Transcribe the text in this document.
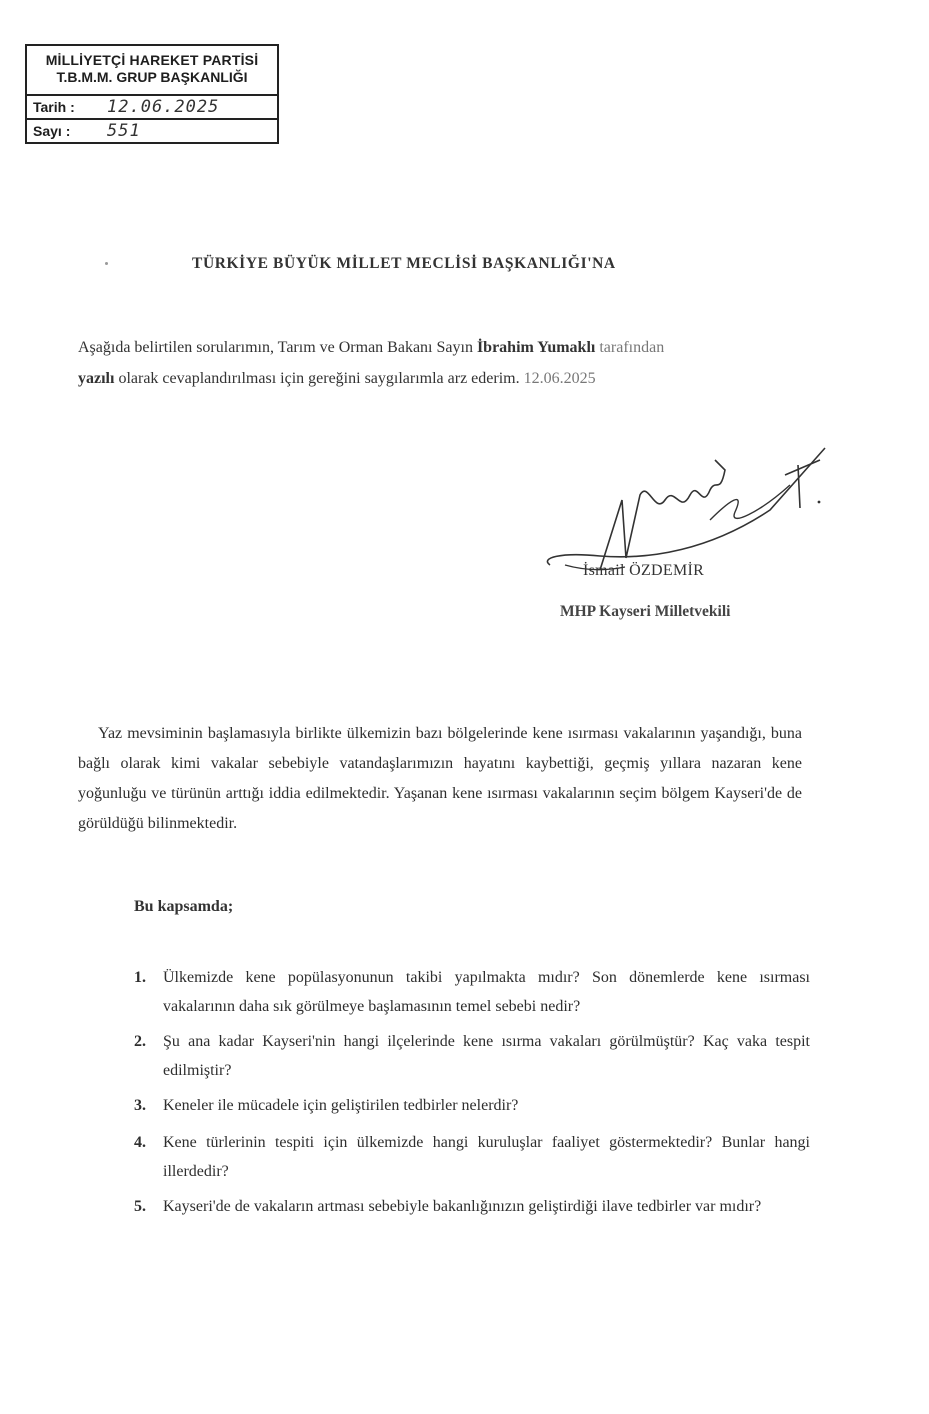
MİLLİYETÇİ HAREKET PARTİSİ
T.B.M.M. GRUP BAŞKANLIĞI
Tarih : 12.06.2025
Sayı : 551
TÜRKİYE BÜYÜK MİLLET MECLİSİ BAŞKANLIĞI'NA
Aşağıda belirtilen sorularımın, Tarım ve Orman Bakanı Sayın İbrahim Yumaklı tarafından
yazılı olarak cevaplandırılması için gereğini saygılarımla arz ederim. 12.06.2025
İsmail ÖZDEMİR
MHP Kayseri Milletvekili
Yaz mevsiminin başlamasıyla birlikte ülkemizin bazı bölgelerinde kene ısırması vakalarının yaşandığı, buna bağlı olarak kimi vakalar sebebiyle vatandaşlarımızın hayatını kaybettiği, geçmiş yıllara nazaran kene yoğunluğu ve türünün arttığı iddia edilmektedir. Yaşanan kene ısırması vakalarının seçim bölgem Kayseri'de de görüldüğü bilinmektedir.
Bu kapsamda;
1. Ülkemizde kene popülasyonunun takibi yapılmakta mıdır? Son dönemlerde kene ısırması vakalarının daha sık görülmeye başlamasının temel sebebi nedir?
2. Şu ana kadar Kayseri'nin hangi ilçelerinde kene ısırma vakaları görülmüştür? Kaç vaka tespit edilmiştir?
3. Keneler ile mücadele için geliştirilen tedbirler nelerdir?
4. Kene türlerinin tespiti için ülkemizde hangi kuruluşlar faaliyet göstermektedir? Bunlar hangi illerdedir?
5. Kayseri'de de vakaların artması sebebiyle bakanlığınızın geliştirdiği ilave tedbirler var mıdır?
